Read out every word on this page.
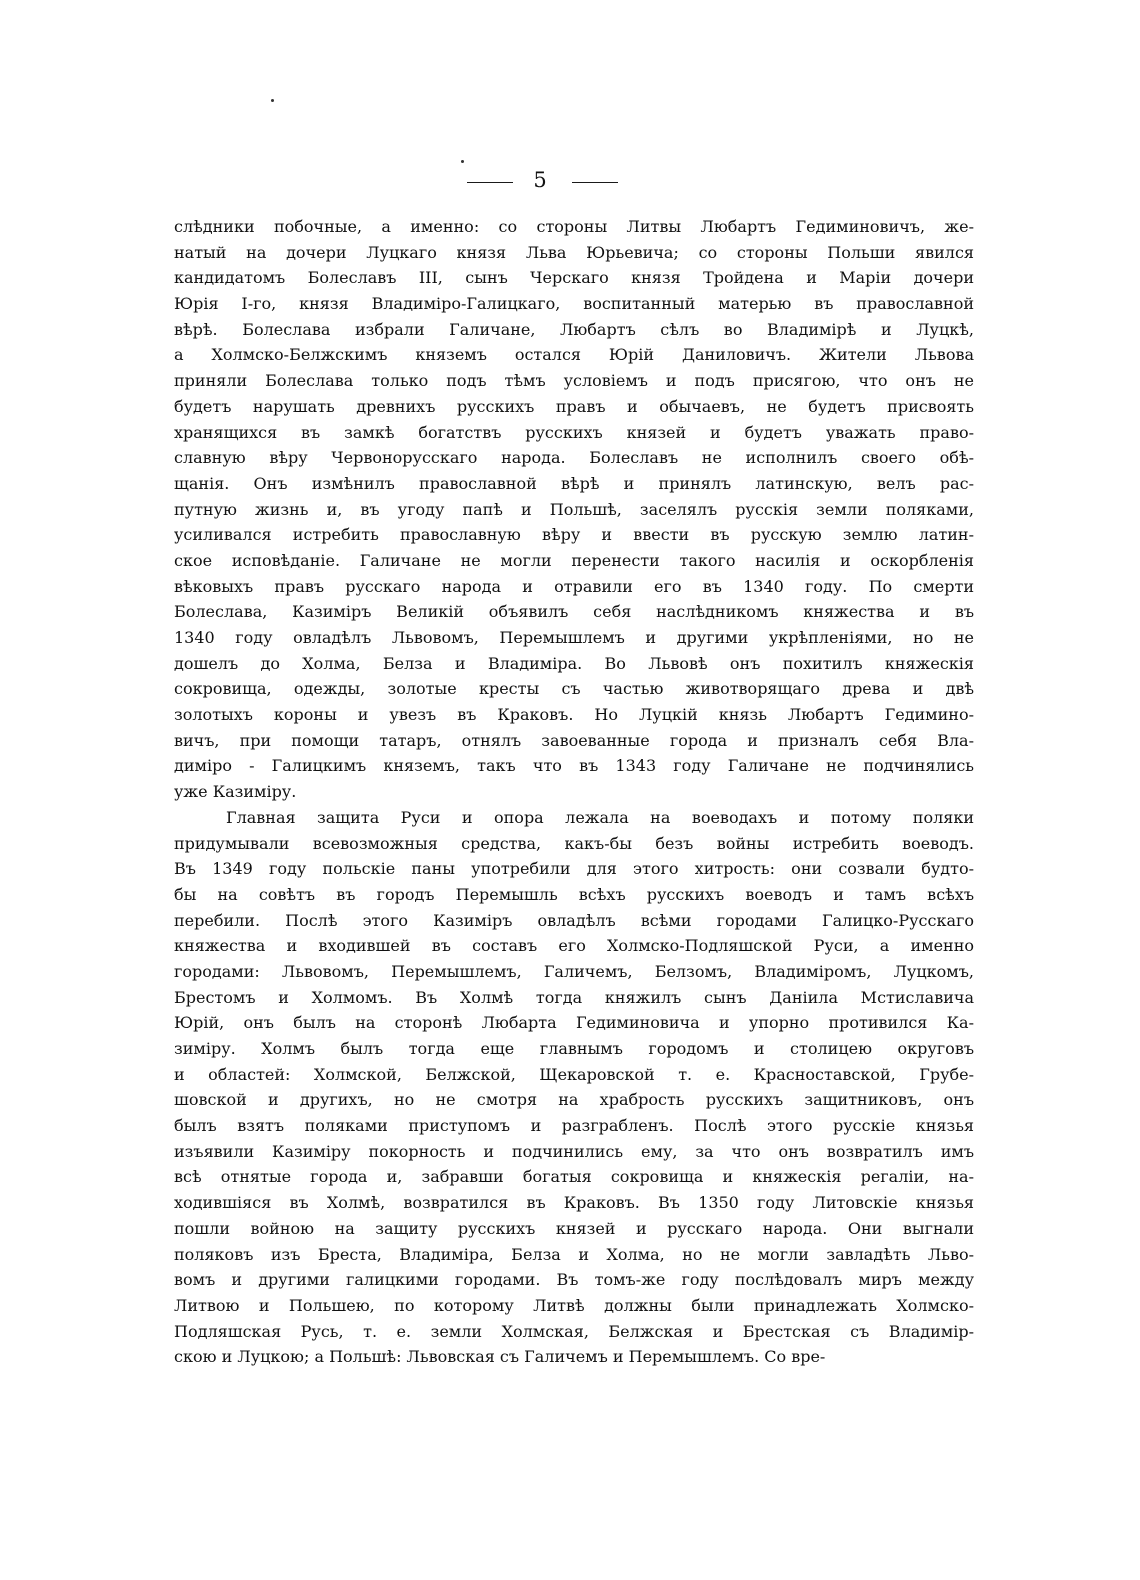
5
слѣдники побочные, а именно: со стороны Литвы Любартъ Гедиминовичъ, же-
натый на дочери Луцкаго князя Льва Юрьевича; со стороны Польши явился
кандидатомъ Болеславъ III, сынъ Черскаго князя Тройдена и Маріи дочери
Юрія I-го, князя Владиміро-Галицкаго, воспитанный матерью въ православной
вѣрѣ. Болеслава избрали Галичане, Любартъ сѣлъ во Владимірѣ и Луцкѣ,
а Холмско-Белжскимъ княземъ остался Юрій Даниловичъ. Жители Львова
приняли Болеслава только подъ тѣмъ условіемъ и подъ присягою, что онъ не
будетъ нарушать древнихъ русскихъ правъ и обычаевъ, не будетъ присвоять
хранящихся въ замкѣ богатствъ русскихъ князей и будетъ уважать право-
славную вѣру Червонорусскаго народа. Болеславъ не исполнилъ своего обѣ-
щанія. Онъ измѣнилъ православной вѣрѣ и принялъ латинскую, велъ рас-
путную жизнь и, въ угоду папѣ и Польшѣ, заселялъ русскія земли поляками,
усиливался истребить православную вѣру и ввести въ русскую землю латин-
ское исповѣданіе. Галичане не могли перенести такого насилія и оскорбленія
вѣковыхъ правъ русскаго народа и отравили его въ 1340 году. По смерти
Болеслава, Казиміръ Великій объявилъ себя наслѣдникомъ княжества и въ
1340 году овладѣлъ Львовомъ, Перемышлемъ и другими укрѣпленіями, но не
дошелъ до Холма, Белза и Владиміра. Во Львовѣ онъ похитилъ княжескія
сокровища, одежды, золотые кресты съ частью животворящаго древа и двѣ
золотыхъ короны и увезъ въ Краковъ. Но Луцкій князь Любартъ Гедимино-
вичъ, при помощи татаръ, отнялъ завоеванные города и призналъ себя Вла-
диміро - Галицкимъ княземъ, такъ что въ 1343 году Галичане не подчинялись
уже Казиміру.
Главная защита Руси и опора лежала на воеводахъ и потому поляки
придумывали всевозможныя средства, какъ-бы безъ войны истребить воеводъ.
Въ 1349 году польскіе паны употребили для этого хитрость: они созвали будто-
бы на совѣтъ въ городъ Перемышль всѣхъ русскихъ воеводъ и тамъ всѣхъ
перебили. Послѣ этого Казиміръ овладѣлъ всѣми городами Галицко-Русскаго
княжества и входившей въ составъ его Холмско-Подляшской Руси, а именно
городами: Львовомъ, Перемышлемъ, Галичемъ, Белзомъ, Владиміромъ, Луцкомъ,
Брестомъ и Холмомъ. Въ Холмѣ тогда княжилъ сынъ Даніила Мстиславича
Юрій, онъ былъ на сторонѣ Любарта Гедиминовича и упорно противился Ка-
зиміру. Холмъ былъ тогда еще главнымъ городомъ и столицею округовъ
и областей: Холмской, Белжской, Щекаровской т. е. Красноставской, Грубе-
шовской и другихъ, но не смотря на храбрость русскихъ защитниковъ, онъ
былъ взятъ поляками приступомъ и разграбленъ. Послѣ этого русскіе князья
изъявили Казиміру покорность и подчинились ему, за что онъ возвратилъ имъ
всѣ отнятые города и, забравши богатыя сокровища и княжескія регаліи, на-
ходившіяся въ Холмѣ, возвратился въ Краковъ. Въ 1350 году Литовскіе князья
пошли войною на защиту русскихъ князей и русскаго народа. Они выгнали
поляковъ изъ Бреста, Владиміра, Белза и Холма, но не могли завладѣть Льво-
вомъ и другими галицкими городами. Въ томъ-же году послѣдовалъ миръ между
Литвою и Польшею, по которому Литвѣ должны были принадлежать Холмско-
Подляшская Русь, т. е. земли Холмская, Белжская и Брестская съ Владимір-
скою и Луцкою; а Польшѣ: Львовская съ Галичемъ и Перемышлемъ. Со вре-
